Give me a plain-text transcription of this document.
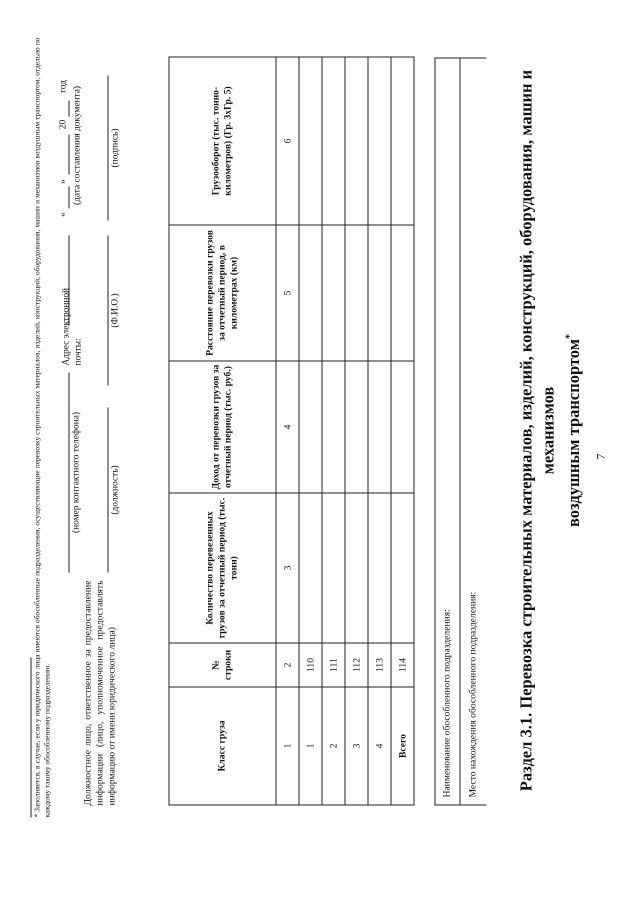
7
Раздел 3.1. Перевозка строительных материалов, изделий, конструкций, оборудования, машин и механизмов воздушным транспортом*
Наименование обособленного подразделения:	Место нахождения обособленного подразделения:
Класс груза	№ строки	Количество перевезенных грузов за отчетный период (тыс. тонн)	Доход от перевозки грузов за отчетный период (тыс. руб.)	Расстояние перевозки грузов за отчетный период, в километрах (км)	Грузооборот (тыс. тонно-километров) (Гр. 3хГр. 5)
1	2	3	4	5	6
1	110				
2	111				
3	112				
4	113				
Всего	114				
Должностное лицо, ответственное за предоставление информации (лицо, уполномоченное предоставлять информацию от имени юридического лица)
(должность)
(Ф.И.О.)
(подпись)
(номер контактного телефона)
Адрес электронной почты:
«
»
20
год (дата составления документа)
* Заполняется, в случае, если у юридического лица имеются обособленные подразделения, осуществляющие перевозку строительных материалов, изделий, конструкций, оборудования, машин и механизмов воздушным транспортом, отдельно по каждому такому обособленному подразделению.
